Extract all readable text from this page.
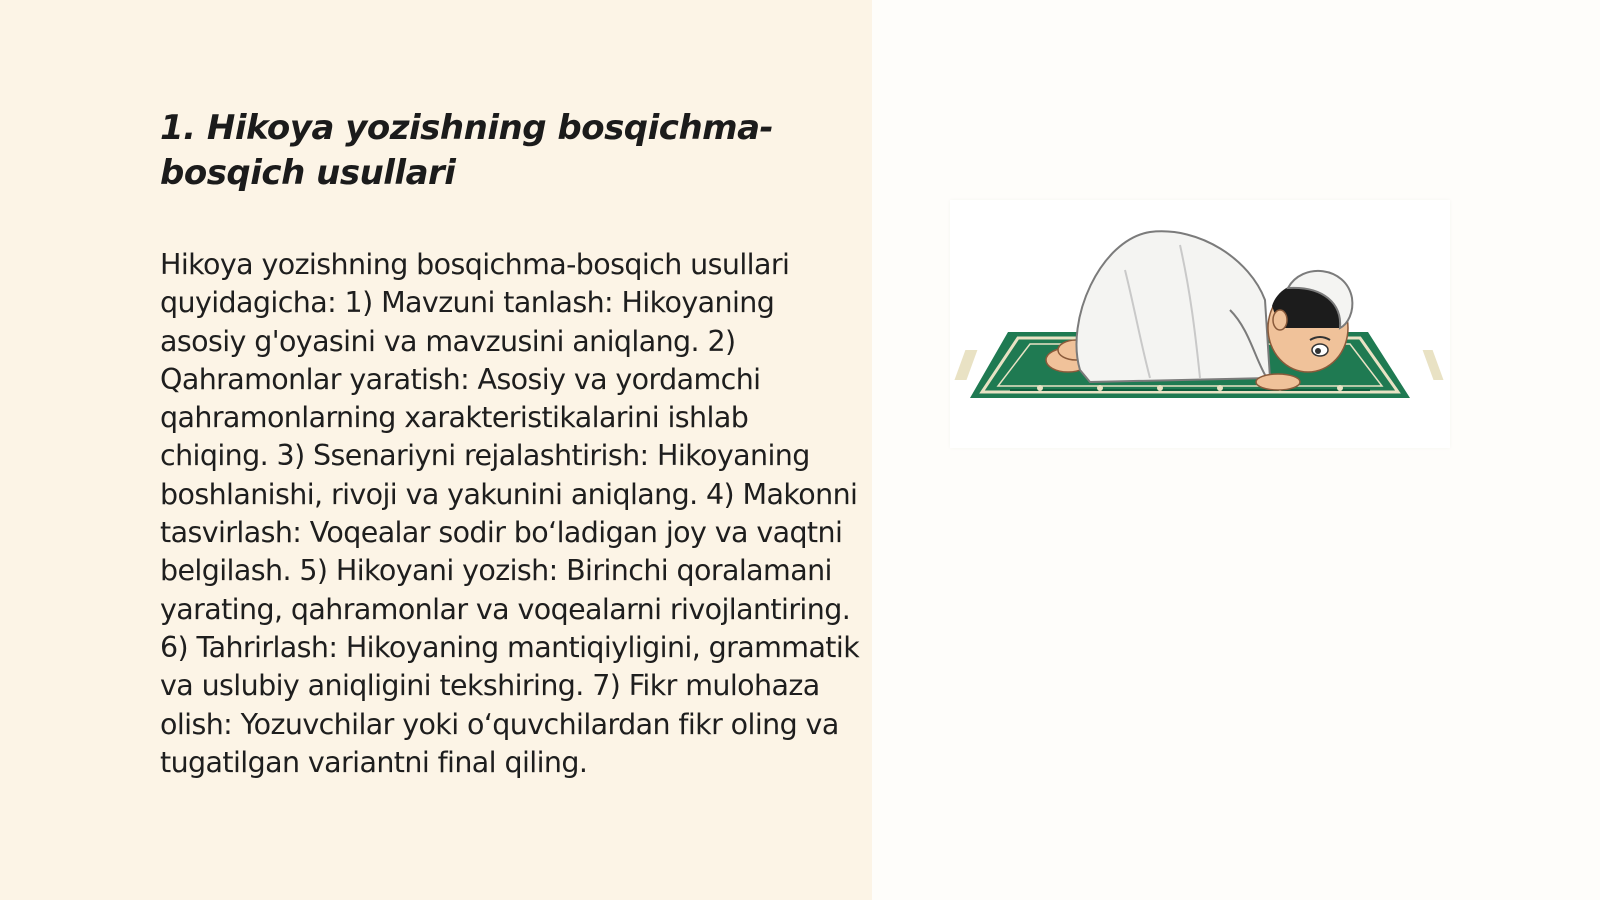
1. Hikoya yozishning bosqichma-bosqich usullari

Hikoya yozishning bosqichma-bosqich usullari quyidagicha: 1) Mavzuni tanlash: Hikoyaning asosiy g'oyasini va mavzusini aniqlang. 2) Qahramonlar yaratish: Asosiy va yordamchi qahramonlarning xarakteristikalarini ishlab chiqing. 3) Ssenariyni rejalashtirish: Hikoyaning boshlanishi, rivoji va yakunini aniqlang. 4) Makonni tasvirlash: Voqealar sodir boʻladigan joy va vaqtni belgilash. 5) Hikoyani yozish: Birinchi qoralamani yarating, qahramonlar va voqealarni rivojlantiring. 6) Tahrirlash: Hikoyaning mantiqiyligini, grammatik va uslubiy aniqligini tekshiring. 7) Fikr mulohaza olish: Yozuvchilar yoki oʻquvchilardan fikr oling va tugatilgan variantni final qiling.
